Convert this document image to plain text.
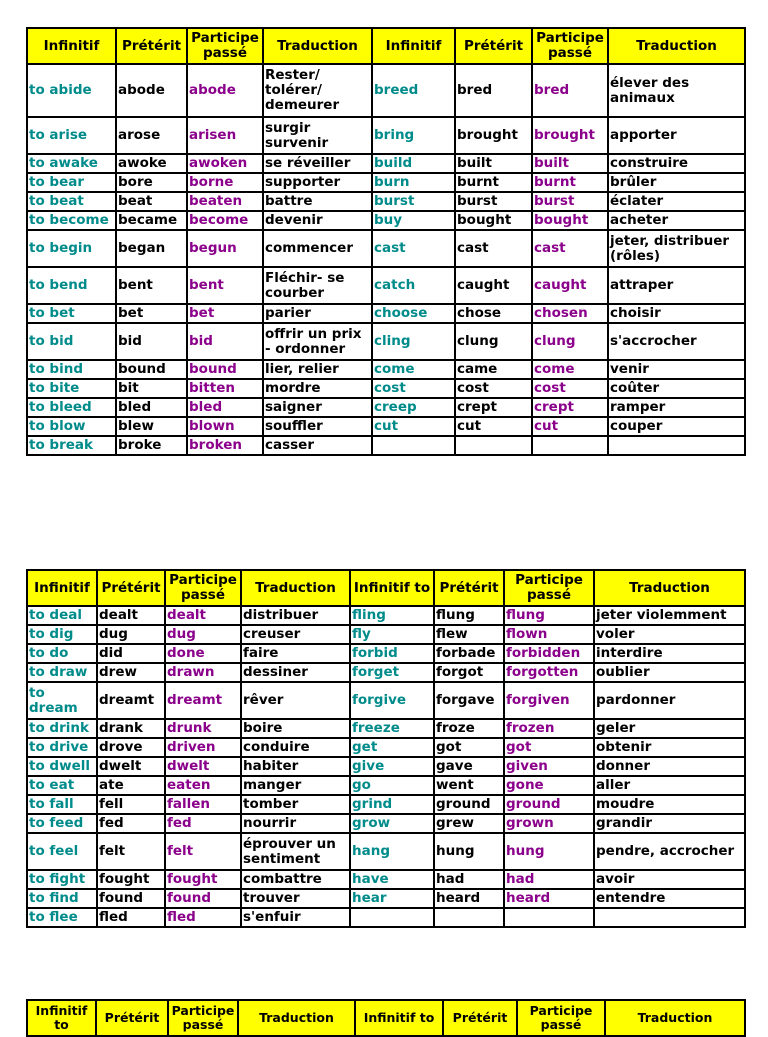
Infinitif	Prétérit	Participe passé	Traduction	Infinitif	Prétérit	Participe passé	Traduction
to abide	abode	abode	Rester/ tolérer/ demeurer	breed	bred	bred	élever des animaux
to arise	arose	arisen	surgir survenir	bring	brought	brought	apporter
to awake	awoke	awoken	se réveiller	build	built	built	construire
to bear	bore	borne	supporter	burn	burnt	burnt	brûler
to beat	beat	beaten	battre	burst	burst	burst	éclater
to become	became	become	devenir	buy	bought	bought	acheter
to begin	began	begun	commencer	cast	cast	cast	jeter, distribuer (rôles)
to bend	bent	bent	Fléchir- se courber	catch	caught	caught	attraper
to bet	bet	bet	parier	choose	chose	chosen	choisir
to bid	bid	bid	offrir un prix - ordonner	cling	clung	clung	s'accrocher
to bind	bound	bound	lier, relier	come	came	come	venir
to bite	bit	bitten	mordre	cost	cost	cost	coûter
to bleed	bled	bled	saigner	creep	crept	crept	ramper
to blow	blew	blown	souffler	cut	cut	cut	couper
to break	broke	broken	casser				
Infinitif	Prétérit	Participe passé	Traduction	Infinitif to	Prétérit	Participe passé	Traduction
to deal	dealt	dealt	distribuer	fling	flung	flung	jeter violemment
to dig	dug	dug	creuser	fly	flew	flown	voler
to do	did	done	faire	forbid	forbade	forbidden	interdire
to draw	drew	drawn	dessiner	forget	forgot	forgotten	oublier
to dream	dreamt	dreamt	rêver	forgive	forgave	forgiven	pardonner
to drink	drank	drunk	boire	freeze	froze	frozen	geler
to drive	drove	driven	conduire	get	got	got	obtenir
to dwell	dwelt	dwelt	habiter	give	gave	given	donner
to eat	ate	eaten	manger	go	went	gone	aller
to fall	fell	fallen	tomber	grind	ground	ground	moudre
to feed	fed	fed	nourrir	grow	grew	grown	grandir
to feel	felt	felt	éprouver un sentiment	hang	hung	hung	pendre, accrocher
to fight	fought	fought	combattre	have	had	had	avoir
to find	found	found	trouver	hear	heard	heard	entendre
to flee	fled	fled	s'enfuir				
Infinitif to	Prétérit	Participe passé	Traduction	Infinitif to	Prétérit	Participe passé	Traduction
